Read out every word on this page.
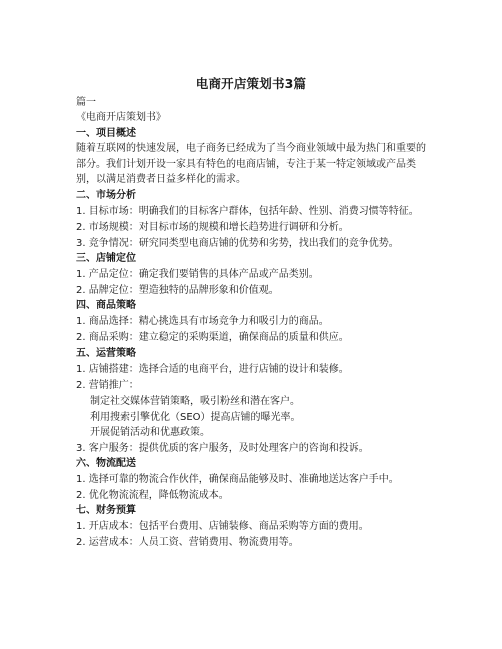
电商开店策划书3篇
篇一
《电商开店策划书》
一、项目概述
随着互联网的快速发展，电子商务已经成为了当今商业领域中最为热门和重要的部分。我们计划开设一家具有特色的电商店铺，专注于某一特定领域或产品类别，以满足消费者日益多样化的需求。
二、市场分析
1. 目标市场：明确我们的目标客户群体，包括年龄、性别、消费习惯等特征。
2. 市场规模：对目标市场的规模和增长趋势进行调研和分析。
3. 竞争情况：研究同类型电商店铺的优势和劣势，找出我们的竞争优势。
三、店铺定位
1. 产品定位：确定我们要销售的具体产品或产品类别。
2. 品牌定位：塑造独特的品牌形象和价值观。
四、商品策略
1. 商品选择：精心挑选具有市场竞争力和吸引力的商品。
2. 商品采购：建立稳定的采购渠道，确保商品的质量和供应。
五、运营策略
1. 店铺搭建：选择合适的电商平台，进行店铺的设计和装修。
2. 营销推广：
制定社交媒体营销策略，吸引粉丝和潜在客户。
利用搜索引擎优化（SEO）提高店铺的曝光率。
开展促销活动和优惠政策。
3. 客户服务：提供优质的客户服务，及时处理客户的咨询和投诉。
六、物流配送
1. 选择可靠的物流合作伙伴，确保商品能够及时、准确地送达客户手中。
2. 优化物流流程，降低物流成本。
七、财务预算
1. 开店成本：包括平台费用、店铺装修、商品采购等方面的费用。
2. 运营成本：人员工资、营销费用、物流费用等。
